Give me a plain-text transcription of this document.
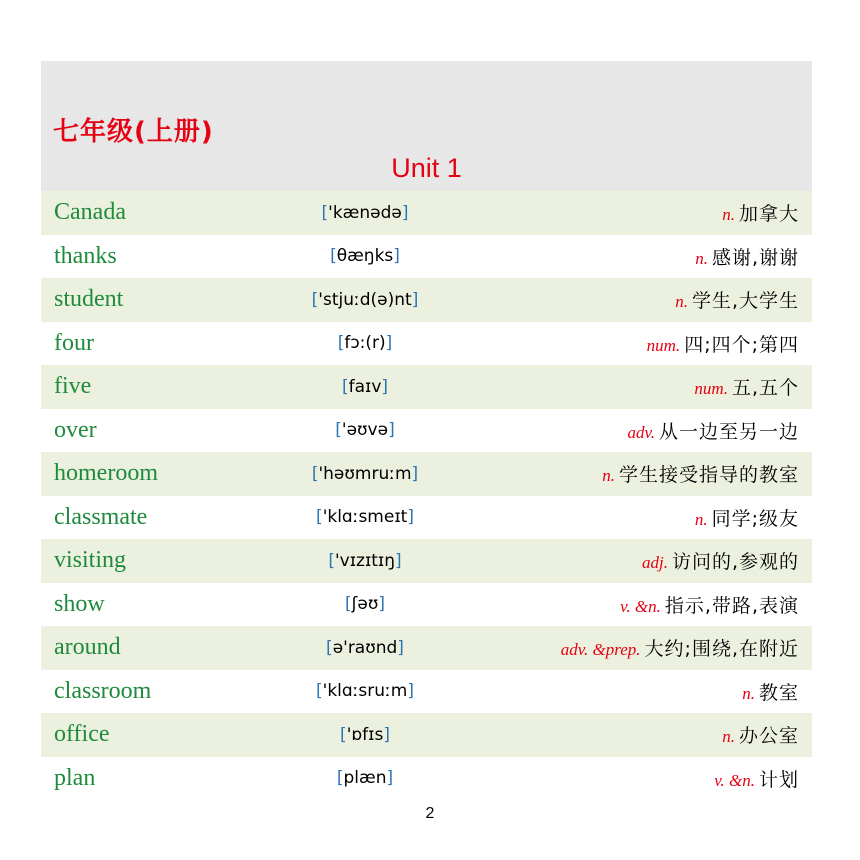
七年级(上册)
Unit 1
Canada	['kænədə]	n. 加拿大
thanks	[θæŋks]	n. 感谢,谢谢
student	['stjuːd(ə)nt]	n. 学生,大学生
four	[fɔ:(r)]	num. 四;四个;第四
five	[faɪv]	num. 五,五个
over	['əʊvə]	adv. 从一边至另一边
homeroom	['həʊmruːm]	n. 学生接受指导的教室
classmate	['klɑːsmeɪt]	n. 同学;级友
visiting	['vɪzɪtɪŋ]	adj. 访问的,参观的
show	[ʃəʊ]	v. &n. 指示,带路,表演
around	[ə'raʊnd]	adv. &prep. 大约;围绕,在附近
classroom	['klɑːsruːm]	n. 教室
office	['ɒfɪs]	n. 办公室
plan	[plæn]	v. &n. 计划
2
